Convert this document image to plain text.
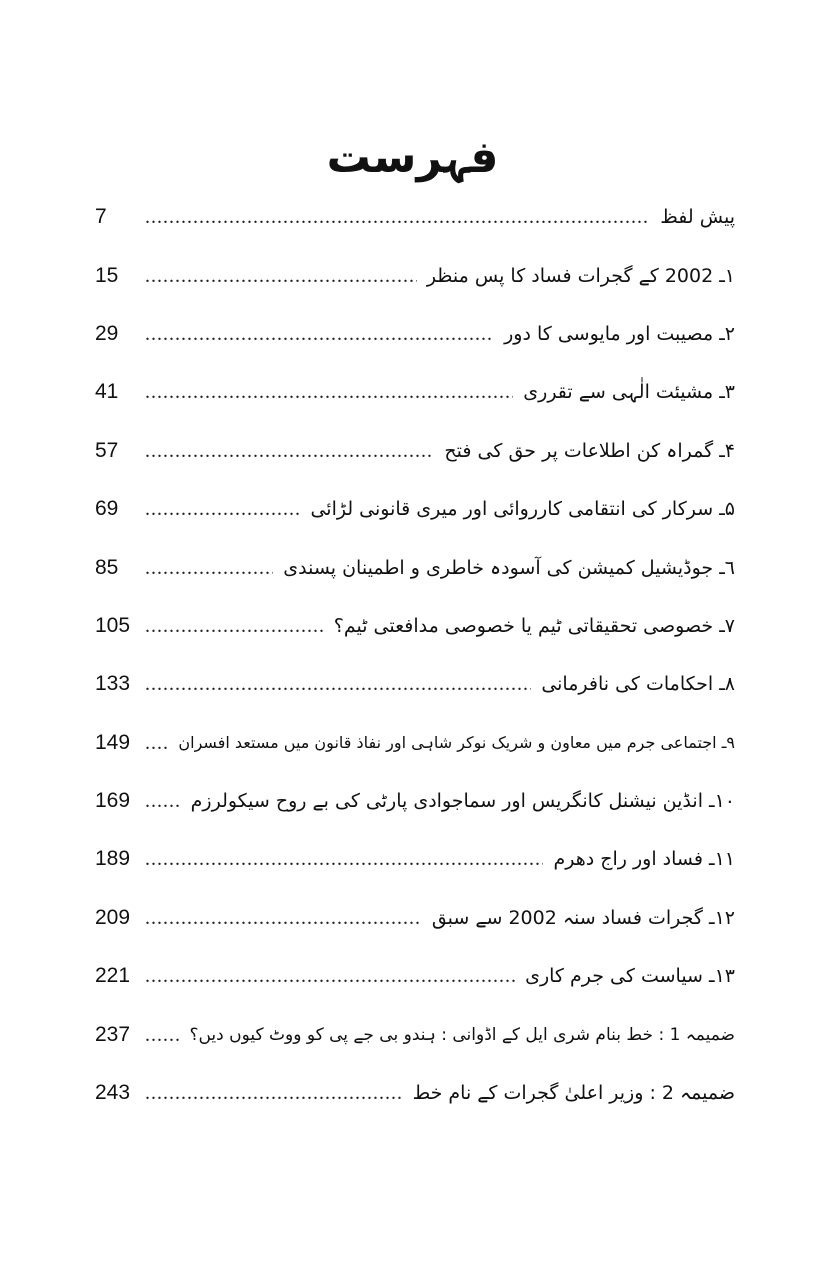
فہرست
پیش لفظ
.....
7
١ـ 2002 کے گجرات فساد کا پس منظر
.....
15
٢ـ مصیبت اور مایوسی کا دور
.....
29
٣ـ مشیئت الٰہی سے تقرری
.....
41
۴ـ گمراہ کن اطلاعات پر حق کی فتح
.....
57
۵ـ سرکار کی انتقامی کارروائی اور میری قانونی لڑائی
.....
69
٦ـ جوڈیشیل کمیشن کی آسودہ خاطری و اطمینان پسندی
.....
85
٧ـ خصوصی تحقیقاتی ٹیم یا خصوصی مدافعتی ٹیم؟
.....
105
٨ـ احکامات کی نافرمانی
.....
133
٩ـ اجتماعی جرم میں معاون و شریک نوکر شاہی اور نفاذ قانون میں مستعد افسران
.....
149
١٠ـ انڈین نیشنل کانگریس اور سماجوادی پارٹی کی بے روح سیکولرزم
.....
169
١١ـ فساد اور راج دھرم
.....
189
١٢ـ گجرات فساد سنہ 2002 سے سبق
.....
209
١٣ـ سیاست کی جرم کاری
.....
221
ضمیمہ 1 : خط بنام شری ایل کے اڈوانی : ہندو بی جے پی کو ووٹ کیوں دیں؟
.....
237
ضمیمہ 2 : وزیر اعلیٰ گجرات کے نام خط
.....
243
